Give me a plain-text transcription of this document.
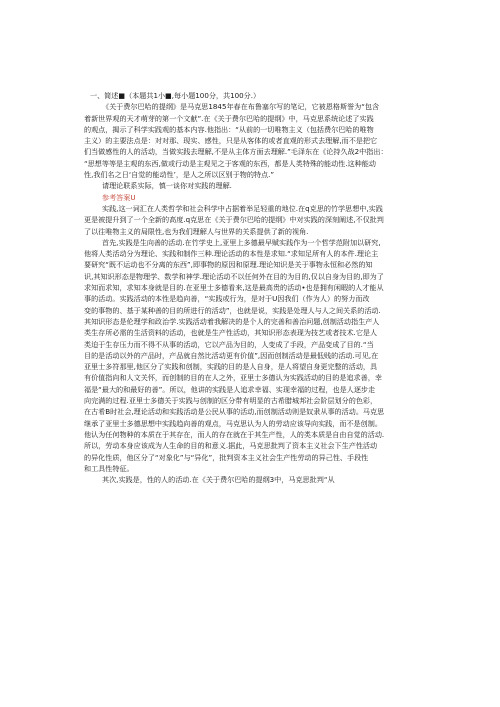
一、简述■（本题共1小■,每小题100分，共100分.）
《关于费尔巴哈的提纲》是马克思1845年春在布鲁塞尔写的笔记，它被恩格斯誉为“包含
着新世界观的天才萌芽的第一个文献”.在《关于费尔巴哈的提纲》中，马克思系统论述了实践
的观点，揭示了科学实践观的基本内容.他指出：“从前的一切唯物主义（包括费尔巴哈的唯物
主义）的主要法点是：对对那、现实、感性，只是从客体的或者直观的形式去理解,而不是把它
们当做感性的人的活动，当做实践去理解,不是从主体方面去理解.”毛泽东在《论持久战2中指出：
“思想等等是主观的东西,做或行动是主观见之于客观的东西，都是人类特殊的能动性.这种能动
性,我们名之日‘自觉的能动性’，是人之所以区别于物的特点.”
请理论联系实际，慎一谈你对实践的理解.
参考答案U
实践,这一词汇在人类哲学和社会科学中占据着举足轻重的地位.在q克思的竹学思想中,实践
更是被提升到了一个全新的高度.q克思在《关于费尔巴哈的提纲》中对实践的深刻阐述,不仅批判
了以往唯物主义的局限性,也为我们理解人与世界的关系提供了新的视角.
首先,实践是生向善的活动.在竹学史上,亚里上多德最早赋实践作为一个哲学范附加以研究,
他将人类活动分为理论、实践和制作三种.理论活动的本性是求知.“求知足所有人的本件.理论主
要研究“既不运动也不分离的东西”,即事物的原因和原理.理论知识是关于事物永恒和必然的知
识,其知识形态是物理学、数学和神学.理论活动不以任何外在目的为目的,仅以自身为目的,即为了
求知而求知，求知本身就是目的.在亚里士多德看来,这是最高贵的活动•也是拥有闲暇的人才能从
事的活动。实践活动的本性是趋向善，“实践或行为，是对于U因我们（作为人）的努力而改
变的事物的、基于某种善的目的所进行的活动”，也就是说，实践是处理人与人之间关系的活动.
其知识形态是伦理学和政治学.实践活动着我解决的是个人的完善和善治问题,创制活动指生产人
类生存所必需的生活资料的活动，也就是生产性活动，其知识形态表现为技艺或者技术.它是人
类迫于生存压力而不得不从事的活动，它以产品为目的，人变成了手段，产品变成了目的.“当
目的是活动以外的产品时，产品就自然比活动更有价值”,因而创制活动是最低贱的活动.可见,在
亚里士多符那里,他区分了实践和创制，实践的目的是人自身，是人将望自身更完整的活动，具
有价值指向和人文关怀，而创制的目的在人之外，亚里士多德认为实践活动的目的是追求善，幸
福是“最大的和最好的善”。所以，他讲的实践是人追求幸福、实现幸福的过程，也是人逐步走
向完满的过程.亚里士多德关于实践与创制的区分带有明显的古希腊城邦社会阶层划分的色彩，
在古希B时社会,理论活动和实践活动是公民从事的活动,而创制活动则是奴隶从事的活动。马克思
继承了亚里士多德思想中实践趋向善的观点，马克思认为人的劳动应该导向实践，而不是创制。
他认为任何物种的本质在于其存在，而人的存在就在于其生产性，人的类本质是自由自觉的活动.
所以，劳动本身应该成为人生命的目的和意义.据此，马克思批判了资本主义社会下生产性活动
的异化性质，他区分了“对象化”与“异化”，批判资本主义社会生产性劳动的异己性、手段性
和工具性特征。
其次,实践是，性的人的活动.在《关于费尔巴哈的提纲3中，马克思批判“从
